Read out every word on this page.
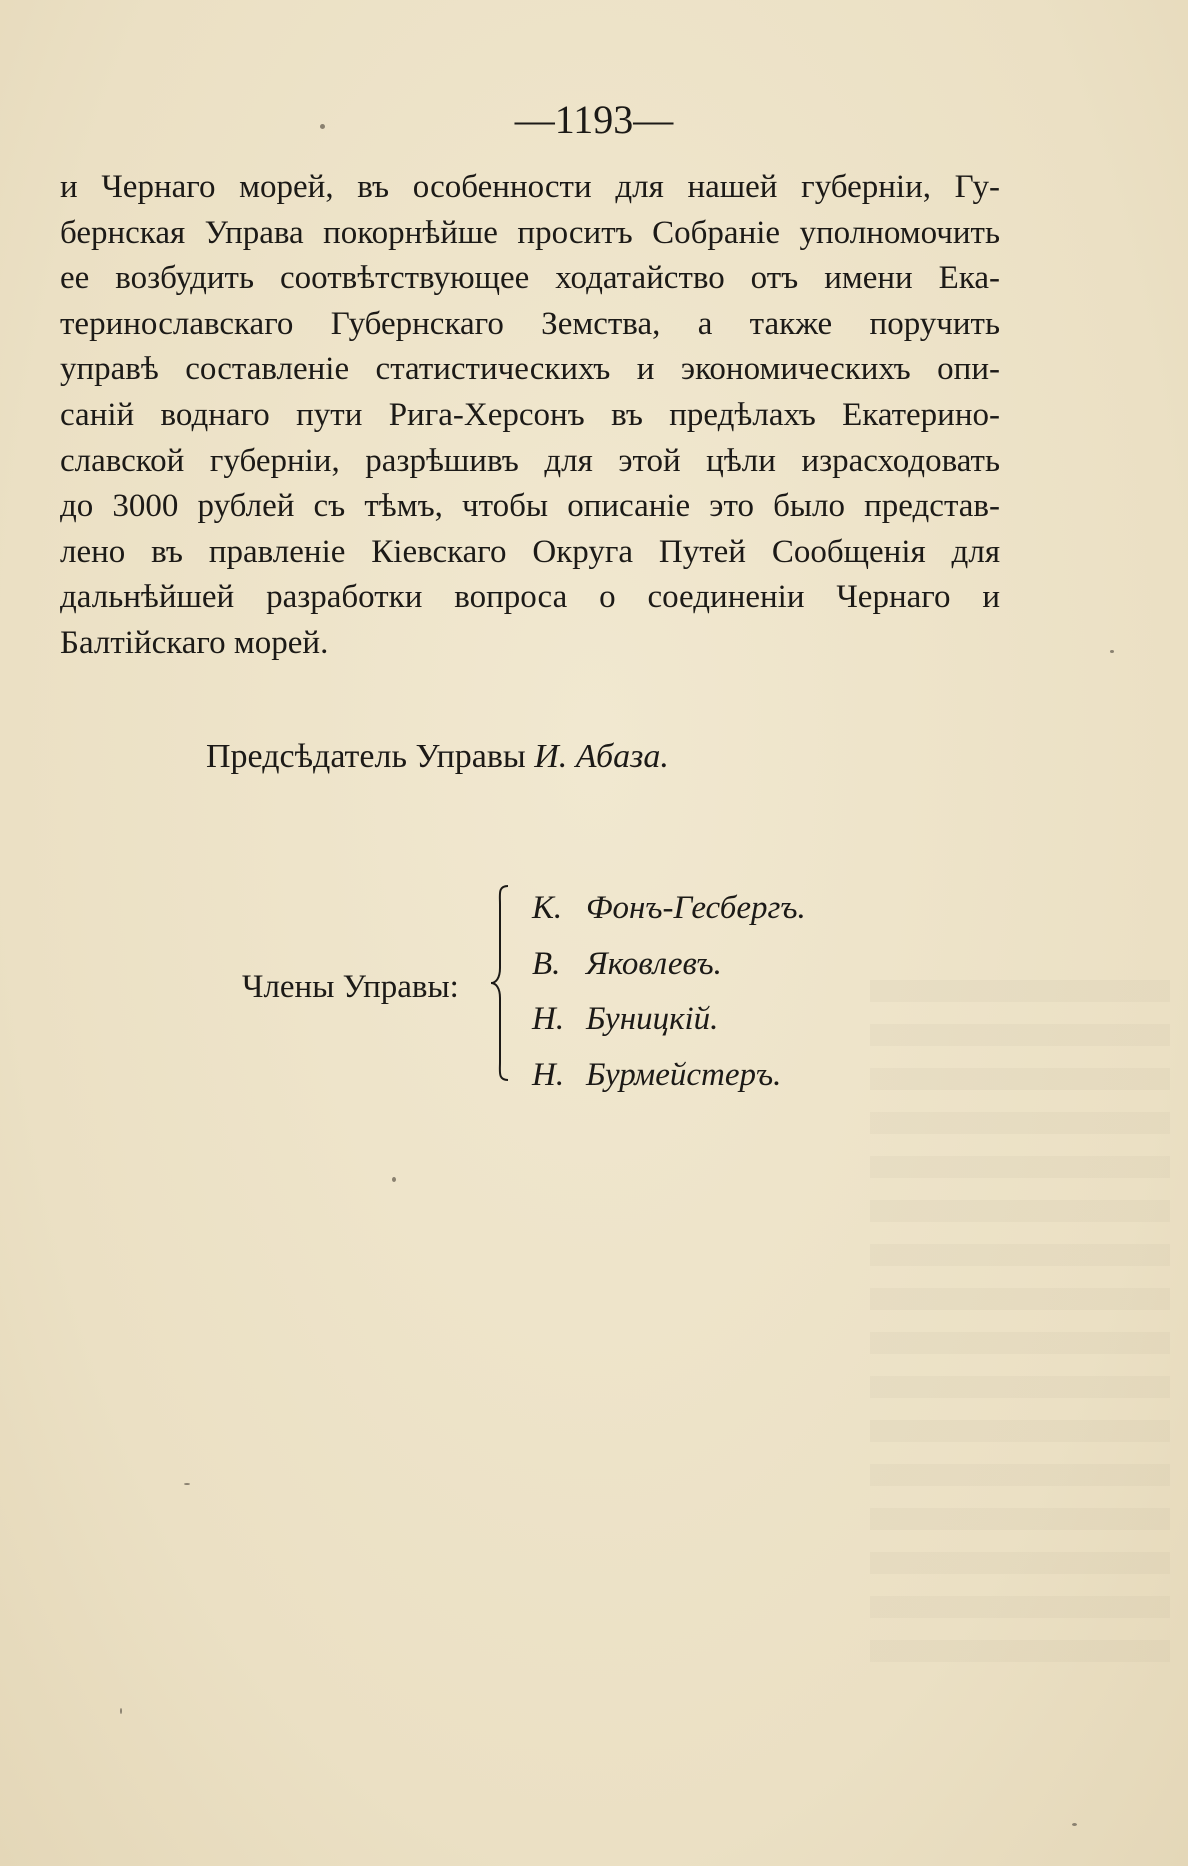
—1193—
и Чернаго морей, въ особенности для нашей губерніи, Гу-
бернская Управа покорнѣйше проситъ Собраніе уполномочить
ее возбудить соотвѣтствующее ходатайство отъ имени Ека-
теринославскаго Губернскаго Земства, а также поручить
управѣ составленіе статистическихъ и экономическихъ опи-
саній воднаго пути Рига-Херсонъ въ предѣлахъ Екатерино-
славской губерніи, разрѣшивъ для этой цѣли израсходовать
до 3000 рублей съ тѣмъ, чтобы описаніе это было представ-
лено въ правленіе Кіевскаго Округа Путей Сообщенія для
дальнѣйшей разработки вопроса о соединеніи Чернаго и
Балтійскаго морей.
Предсѣдатель Управы И. Абаза.
Члены Управы:
К. Фонъ-Гесбергъ.
В. Яковлевъ.
Н. Буницкій.
Н. Бурмейстеръ.
